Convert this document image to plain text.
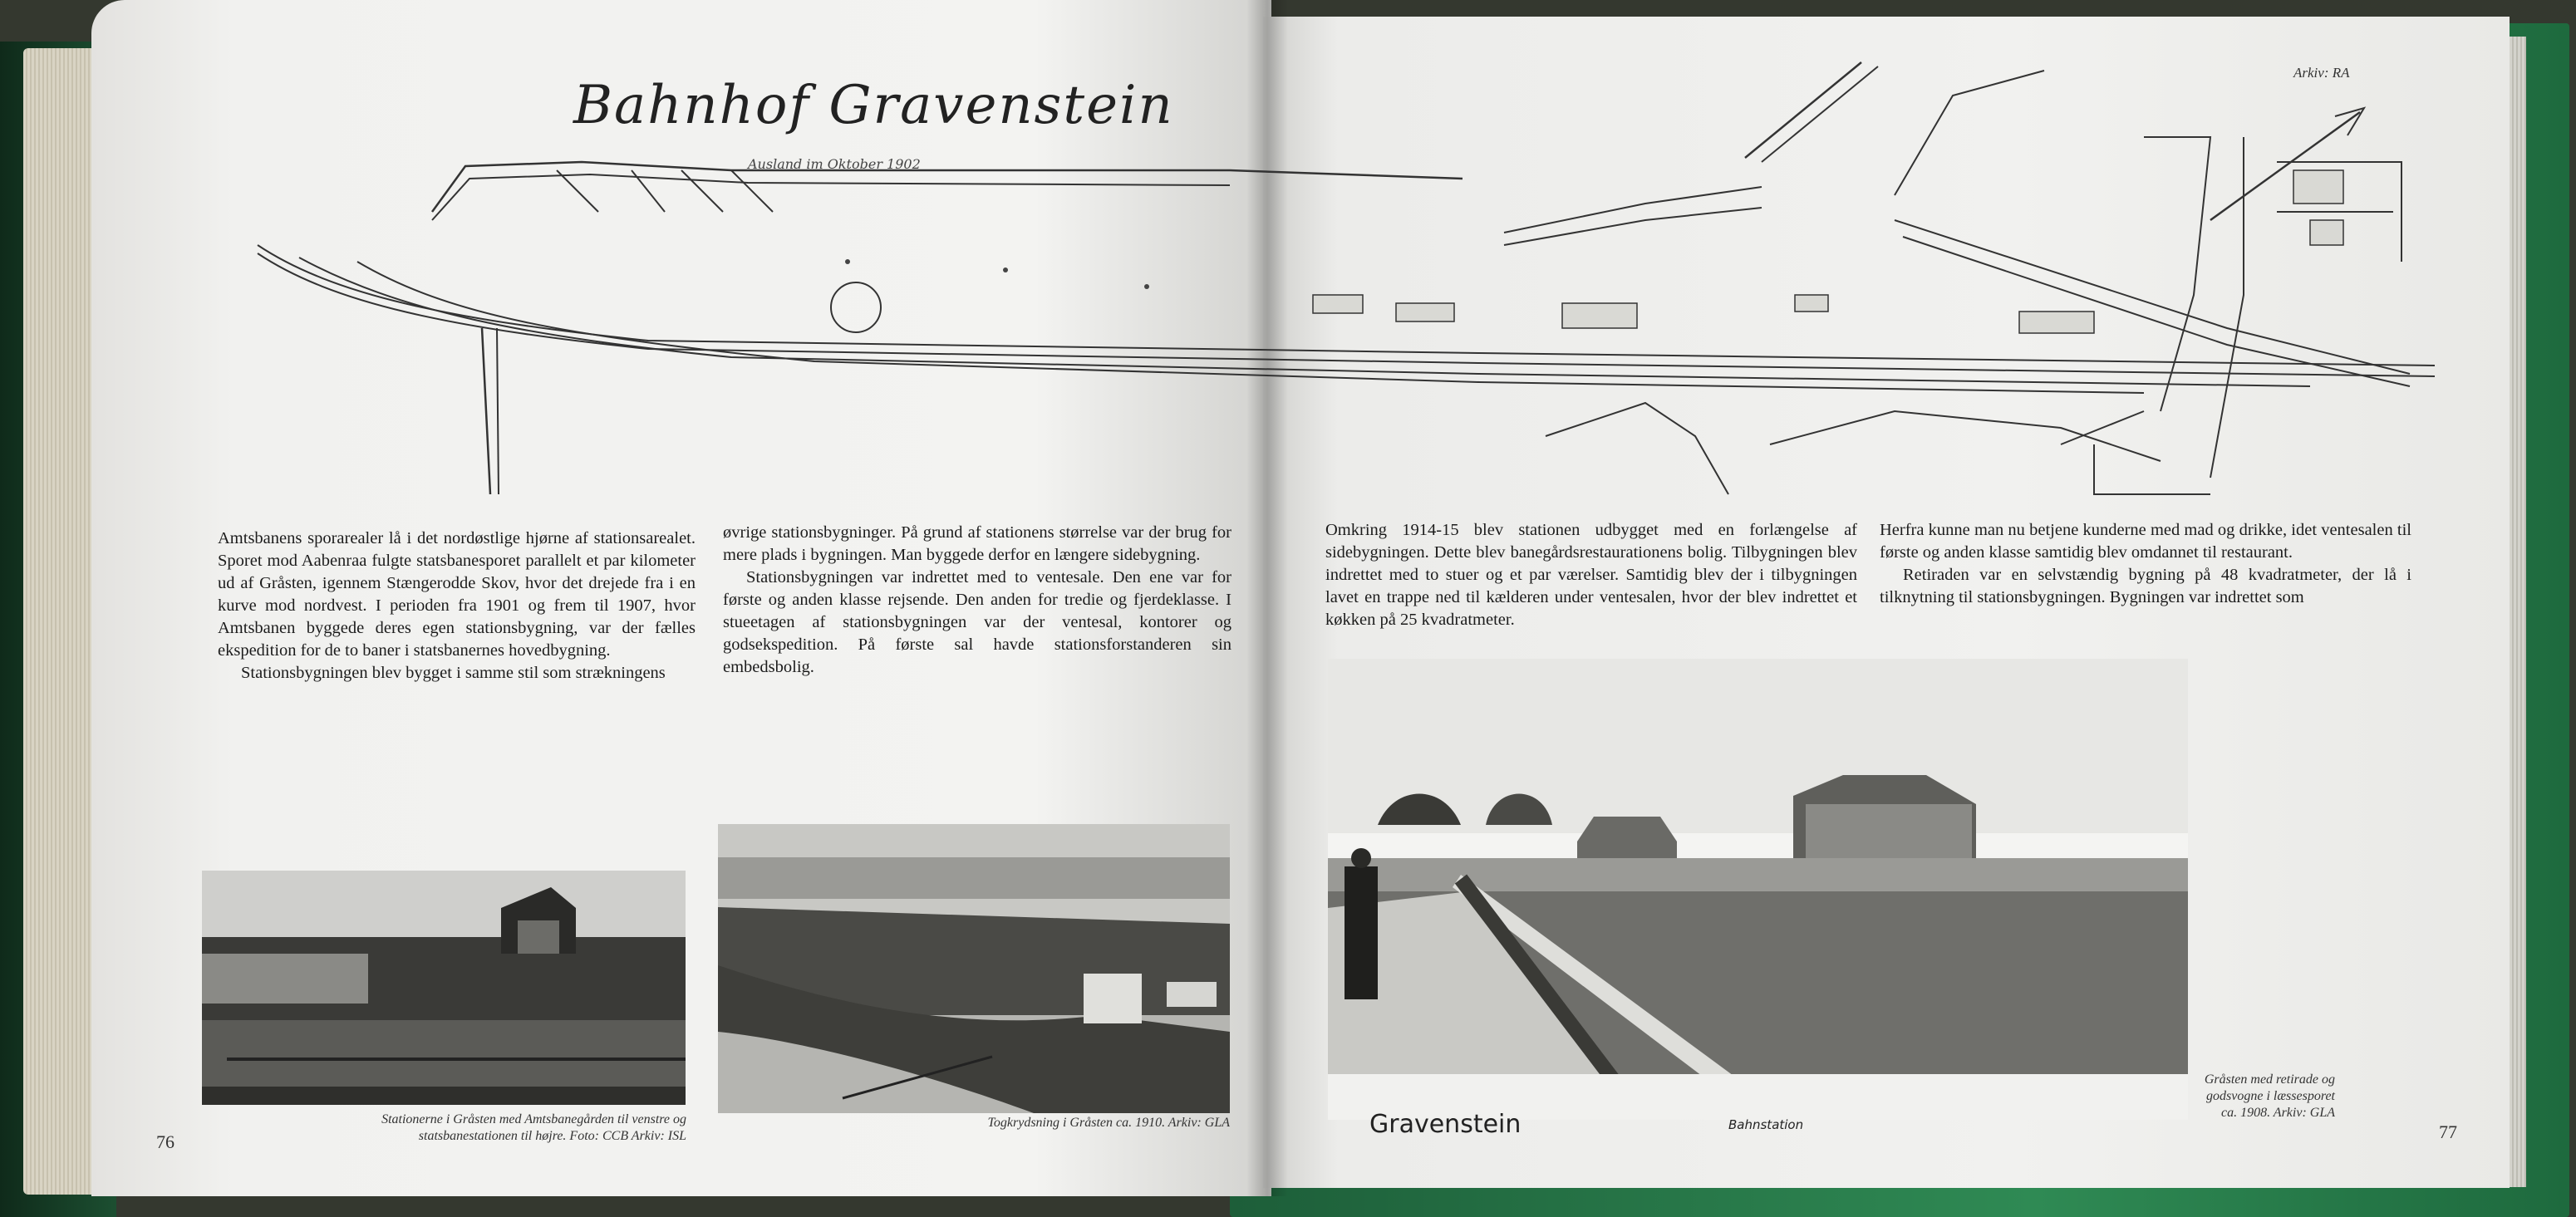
Bahnhof Gravenstein
Ausland im Oktober 1902
Arkiv: RA

Amtsbanens sporarealer lå i det nordøstlige hjørne af stationsarealet. Sporet mod Aabenraa fulgte statsbanesporet parallelt et par kilometer ud af Gråsten, igennem Stængerodde Skov, hvor det drejede fra i en kurve mod nordvest. I perioden fra 1901 og frem til 1907, hvor Amtsbanen byggede deres egen stationsbygning, var der fælles ekspedition for de to baner i statsbanernes hovedbygning.

Stationsbygningen blev bygget i samme stil som strækningens

øvrige stationsbygninger. På grund af stationens størrelse var der brug for mere plads i bygningen. Man byggede derfor en længere sidebygning.

Stationsbygningen var indrettet med to ventesale. Den ene var for første og anden klasse rejsende. Den anden for tredie og fjerdeklasse. I stueetagen af stationsbygningen var der ventesal, kontorer og godsekspedition. På første sal havde stationsforstanderen sin embedsbolig.

Stationerne i Gråsten med Amtsbanegården til venstre og statsbanestationen til højre. Foto: CCB Arkiv: ISL
Togkrydsning i Gråsten ca. 1910. Arkiv: GLA
76

Omkring 1914-15 blev stationen udbygget med en forlængelse af sidebygningen. Dette blev banegårdsrestaurationens bolig. Tilbygningen blev indrettet med to stuer og et par værelser. Samtidig blev der i tilbygningen lavet en trappe ned til kælderen under ventesalen, hvor der blev indrettet et køkken på 25 kvadratmeter.

Herfra kunne man nu betjene kunderne med mad og drikke, idet ventesalen til første og anden klasse samtidig blev omdannet til restaurant.

Retiraden var en selvstændig bygning på 48 kvadratmeter, der lå i tilknytning til stationsbygningen. Bygningen var indrettet som

Gravenstein	Bahnstation
Gråsten med retirade og godsvogne i læssesporet ca. 1908. Arkiv: GLA
77
